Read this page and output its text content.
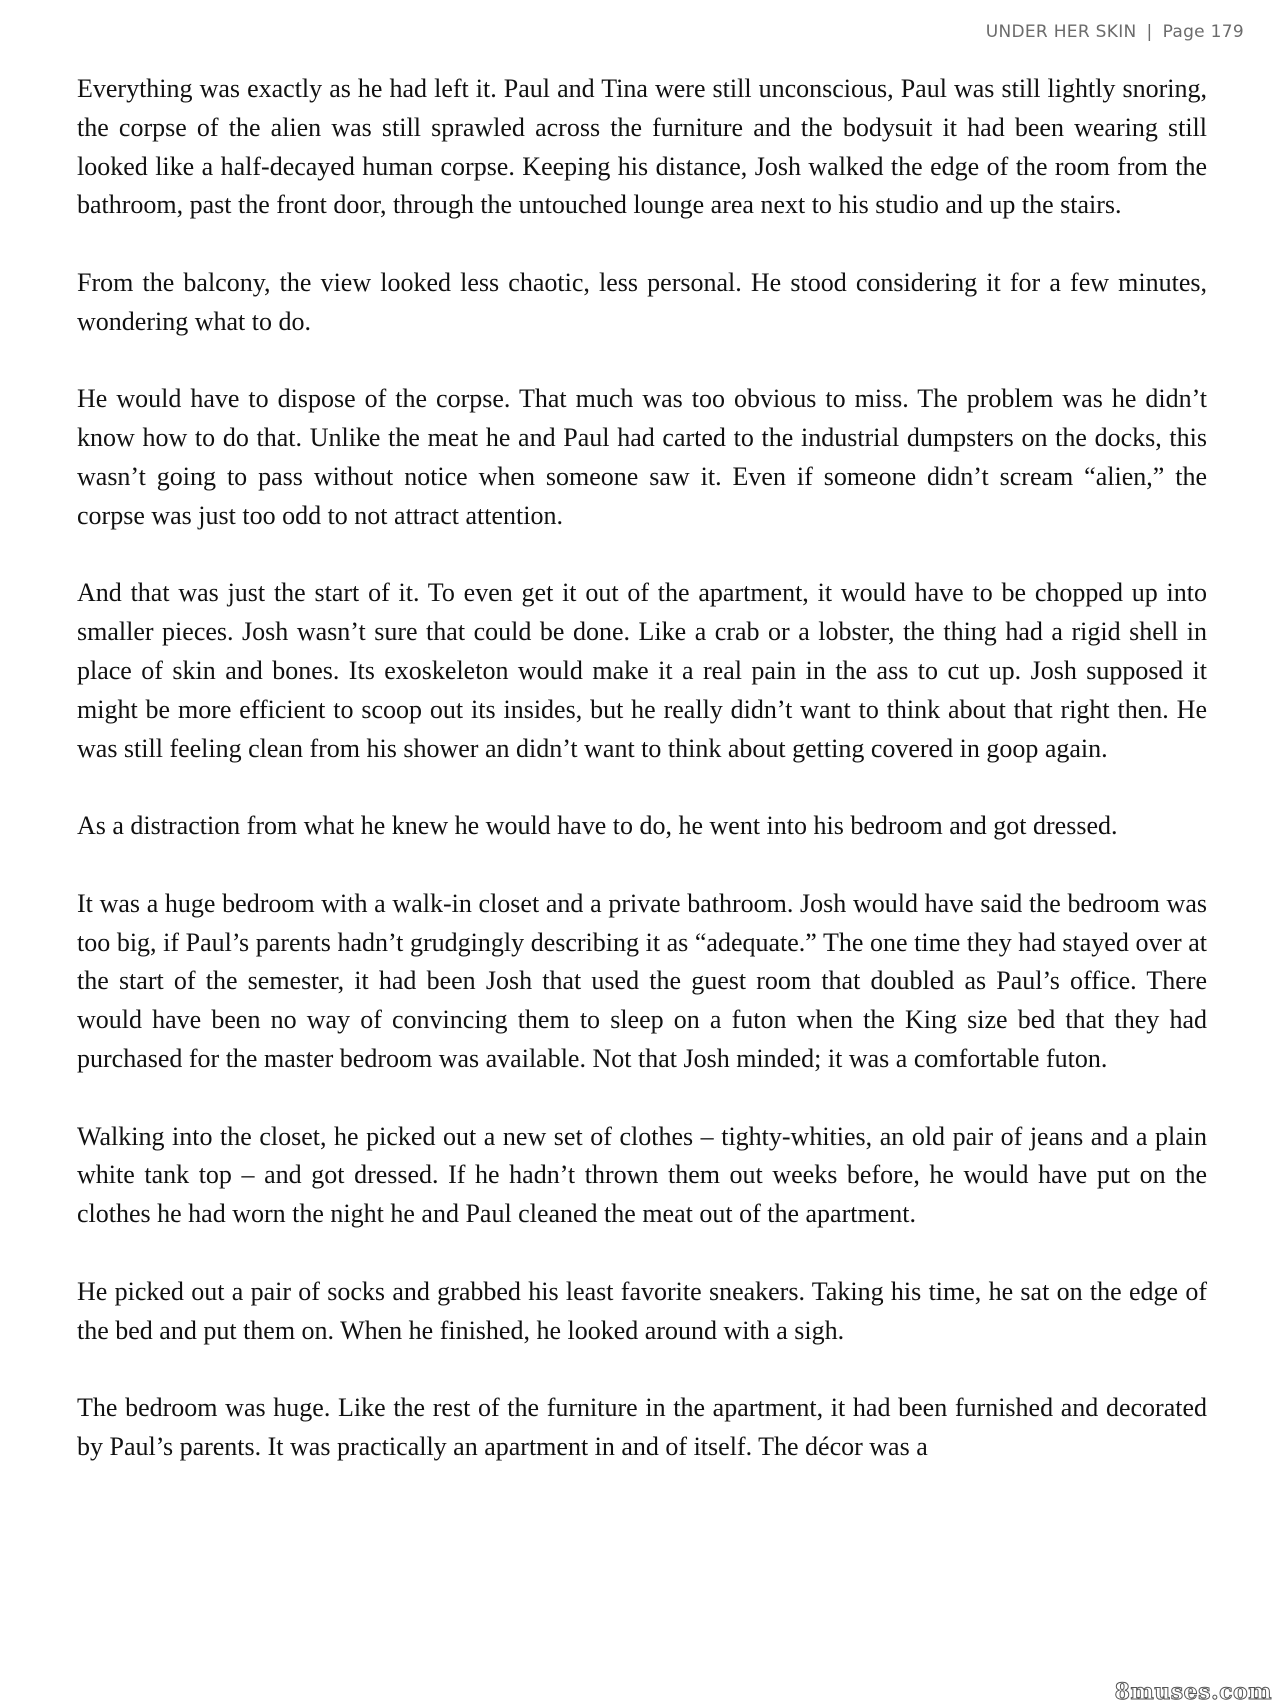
UNDER HER SKIN | Page 179

Everything was exactly as he had left it. Paul and Tina were still unconscious, Paul was still lightly snoring, the corpse of the alien was still sprawled across the furniture and the bodysuit it had been wearing still looked like a half-decayed human corpse. Keeping his distance, Josh walked the edge of the room from the bathroom, past the front door, through the untouched lounge area next to his studio and up the stairs.

From the balcony, the view looked less chaotic, less personal. He stood considering it for a few minutes, wondering what to do.

He would have to dispose of the corpse. That much was too obvious to miss. The problem was he didn’t know how to do that. Unlike the meat he and Paul had carted to the industrial dumpsters on the docks, this wasn’t going to pass without notice when someone saw it. Even if someone didn’t scream “alien,” the corpse was just too odd to not attract attention.

And that was just the start of it. To even get it out of the apartment, it would have to be chopped up into smaller pieces. Josh wasn’t sure that could be done. Like a crab or a lobster, the thing had a rigid shell in place of skin and bones. Its exoskeleton would make it a real pain in the ass to cut up. Josh supposed it might be more efficient to scoop out its insides, but he really didn’t want to think about that right then. He was still feeling clean from his shower an didn’t want to think about getting covered in goop again.

As a distraction from what he knew he would have to do, he went into his bedroom and got dressed.

It was a huge bedroom with a walk-in closet and a private bathroom. Josh would have said the bedroom was too big, if Paul’s parents hadn’t grudgingly describing it as “adequate.” The one time they had stayed over at the start of the semester, it had been Josh that used the guest room that doubled as Paul’s office. There would have been no way of convincing them to sleep on a futon when the King size bed that they had purchased for the master bedroom was available. Not that Josh minded; it was a comfortable futon.

Walking into the closet, he picked out a new set of clothes – tighty-whities, an old pair of jeans and a plain white tank top – and got dressed. If he hadn’t thrown them out weeks before, he would have put on the clothes he had worn the night he and Paul cleaned the meat out of the apartment.

He picked out a pair of socks and grabbed his least favorite sneakers. Taking his time, he sat on the edge of the bed and put them on. When he finished, he looked around with a sigh.

The bedroom was huge. Like the rest of the furniture in the apartment, it had been furnished and decorated by Paul’s parents. It was practically an apartment in and of itself. The décor was a

8muses.com
